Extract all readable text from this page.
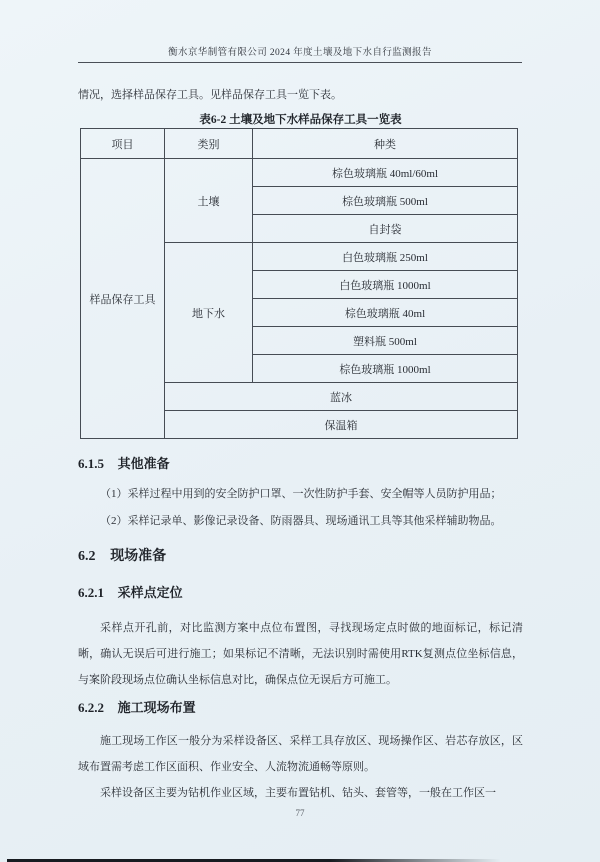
衡水京华制管有限公司 2024 年度土壤及地下水自行监测报告

情况，选择样品保存工具。见样品保存工具一览下表。

表6-2 土壤及地下水样品保存工具一览表
项目	类别	种类
样品保存工具	土壤	棕色玻璃瓶 40ml/60ml
		棕色玻璃瓶 500ml
		自封袋
	地下水	白色玻璃瓶 250ml
		白色玻璃瓶 1000ml
		棕色玻璃瓶 40ml
		塑料瓶 500ml
		棕色玻璃瓶 1000ml
	蓝冰	
	保温箱	
6.1.5 其他准备

（1）采样过程中用到的安全防护口罩、一次性防护手套、安全帽等人员防护用品；

（2）采样记录单、影像记录设备、防雨器具、现场通讯工具等其他采样辅助物品。

6.2 现场准备
6.2.1 采样点定位

采样点开孔前，对比监测方案中点位布置图，寻找现场定点时做的地面标记，标记清晰，确认无误后可进行施工；如果标记不清晰，无法识别时需使用RTK复测点位坐标信息，与案阶段现场点位确认坐标信息对比，确保点位无误后方可施工。

6.2.2 施工现场布置

施工现场工作区一般分为采样设备区、采样工具存放区、现场操作区、岩芯存放区，区域布置需考虑工作区面积、作业安全、人流物流通畅等原则。

采样设备区主要为钻机作业区域，主要布置钻机、钻头、套管等，一般在工作区一

77
